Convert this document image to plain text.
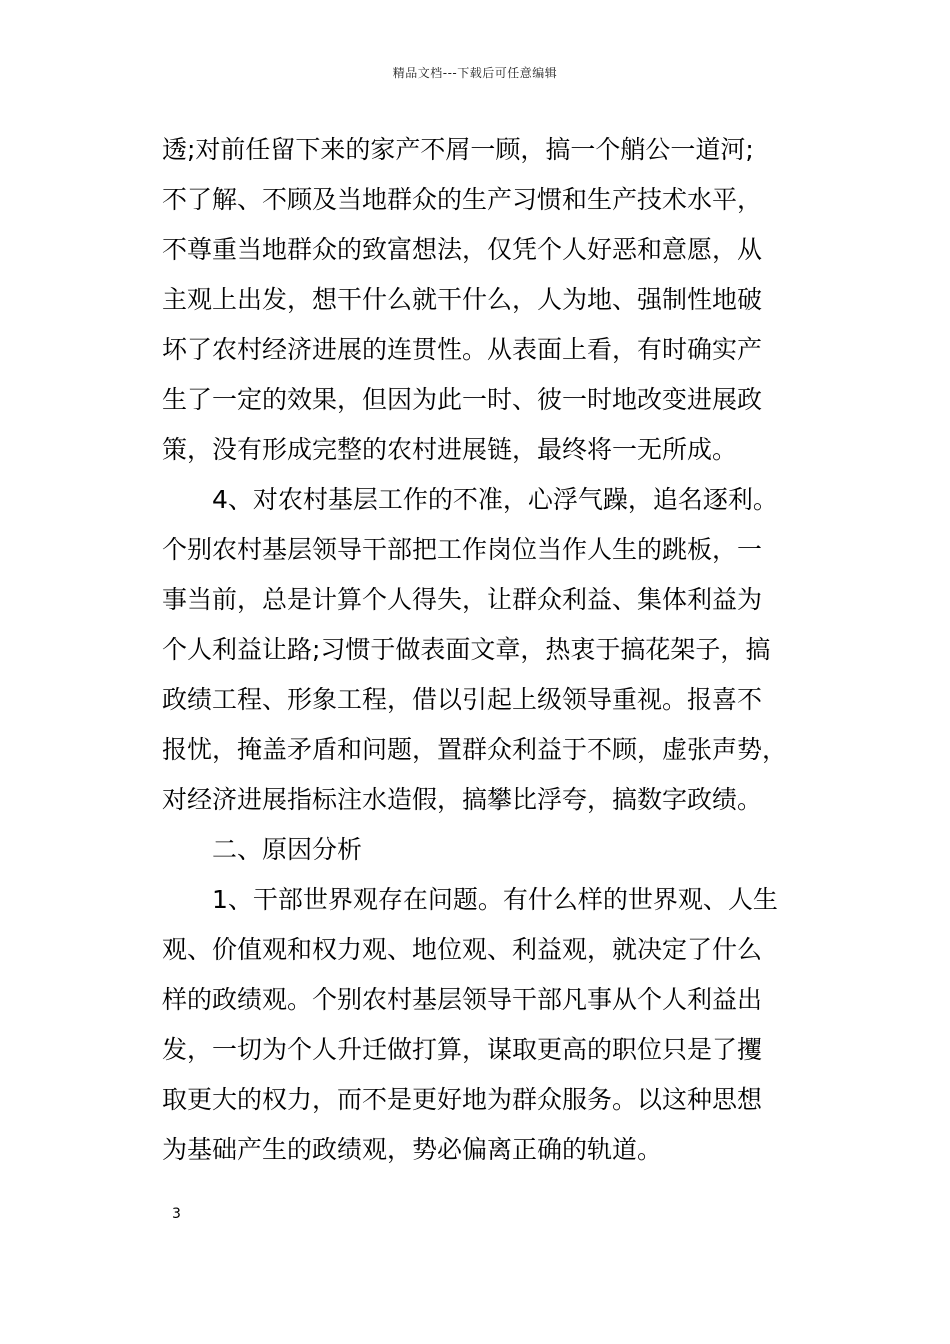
精品文档---下载后可任意编辑
透;对前任留下来的家产不屑一顾，搞一个艄公一道河;
不了解、不顾及当地群众的生产习惯和生产技术水平，
不尊重当地群众的致富想法，仅凭个人好恶和意愿，从
主观上出发，想干什么就干什么，人为地、强制性地破
坏了农村经济进展的连贯性。从表面上看，有时确实产
生了一定的效果，但因为此一时、彼一时地改变进展政
策，没有形成完整的农村进展链，最终将一无所成。
4、对农村基层工作的不准，心浮气躁，追名逐利。
个别农村基层领导干部把工作岗位当作人生的跳板，一
事当前，总是计算个人得失，让群众利益、集体利益为
个人利益让路;习惯于做表面文章，热衷于搞花架子，搞
政绩工程、形象工程，借以引起上级领导重视。报喜不
报忧，掩盖矛盾和问题，置群众利益于不顾，虚张声势，
对经济进展指标注水造假，搞攀比浮夸，搞数字政绩。
二、原因分析
1、干部世界观存在问题。有什么样的世界观、人生
观、价值观和权力观、地位观、利益观，就决定了什么
样的政绩观。个别农村基层领导干部凡事从个人利益出
发，一切为个人升迁做打算，谋取更高的职位只是了攫
取更大的权力，而不是更好地为群众服务。以这种思想
为基础产生的政绩观，势必偏离正确的轨道。
3
